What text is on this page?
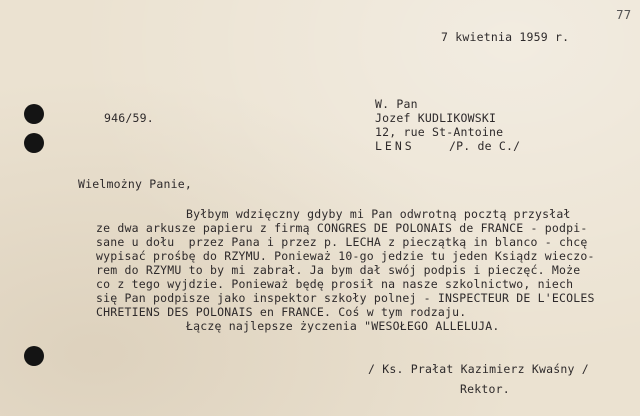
77
7 kwietnia 1959 r.
946/59.
W. Pan
Jozef KUDLIKOWSKI
12, rue St-Antoine
LENS	/P. de C./
Wielmożny Panie,
Byłbym wdzięczny gdyby mi Pan odwrotną pocztą przysłał
ze dwa arkusze papieru z firmą CONGRES DE POLONAIS de FRANCE - podpi-
sane u dołu  przez Pana i przez p. LECHA z pieczątką in blanco - chcę
wypisać prośbę do RZYMU. Ponieważ 10-go jedzie tu jeden Ksiądz wieczo-
rem do RZYMU to by mi zabrał. Ja bym dał swój podpis i pieczęć. Może
co z tego wyjdzie. Ponieważ będę prosił na nasze szkolnictwo, niech
się Pan podpisze jako inspektor szkoły polnej - INSPECTEUR DE L'ECOLES
CHRETIENS DES POLONAIS en FRANCE. Coś w tym rodzaju.
Łączę najlepsze życzenia "WESOŁEGO ALLELUJA.
/ Ks. Prałat Kazimierz Kwaśny /
Rektor.
